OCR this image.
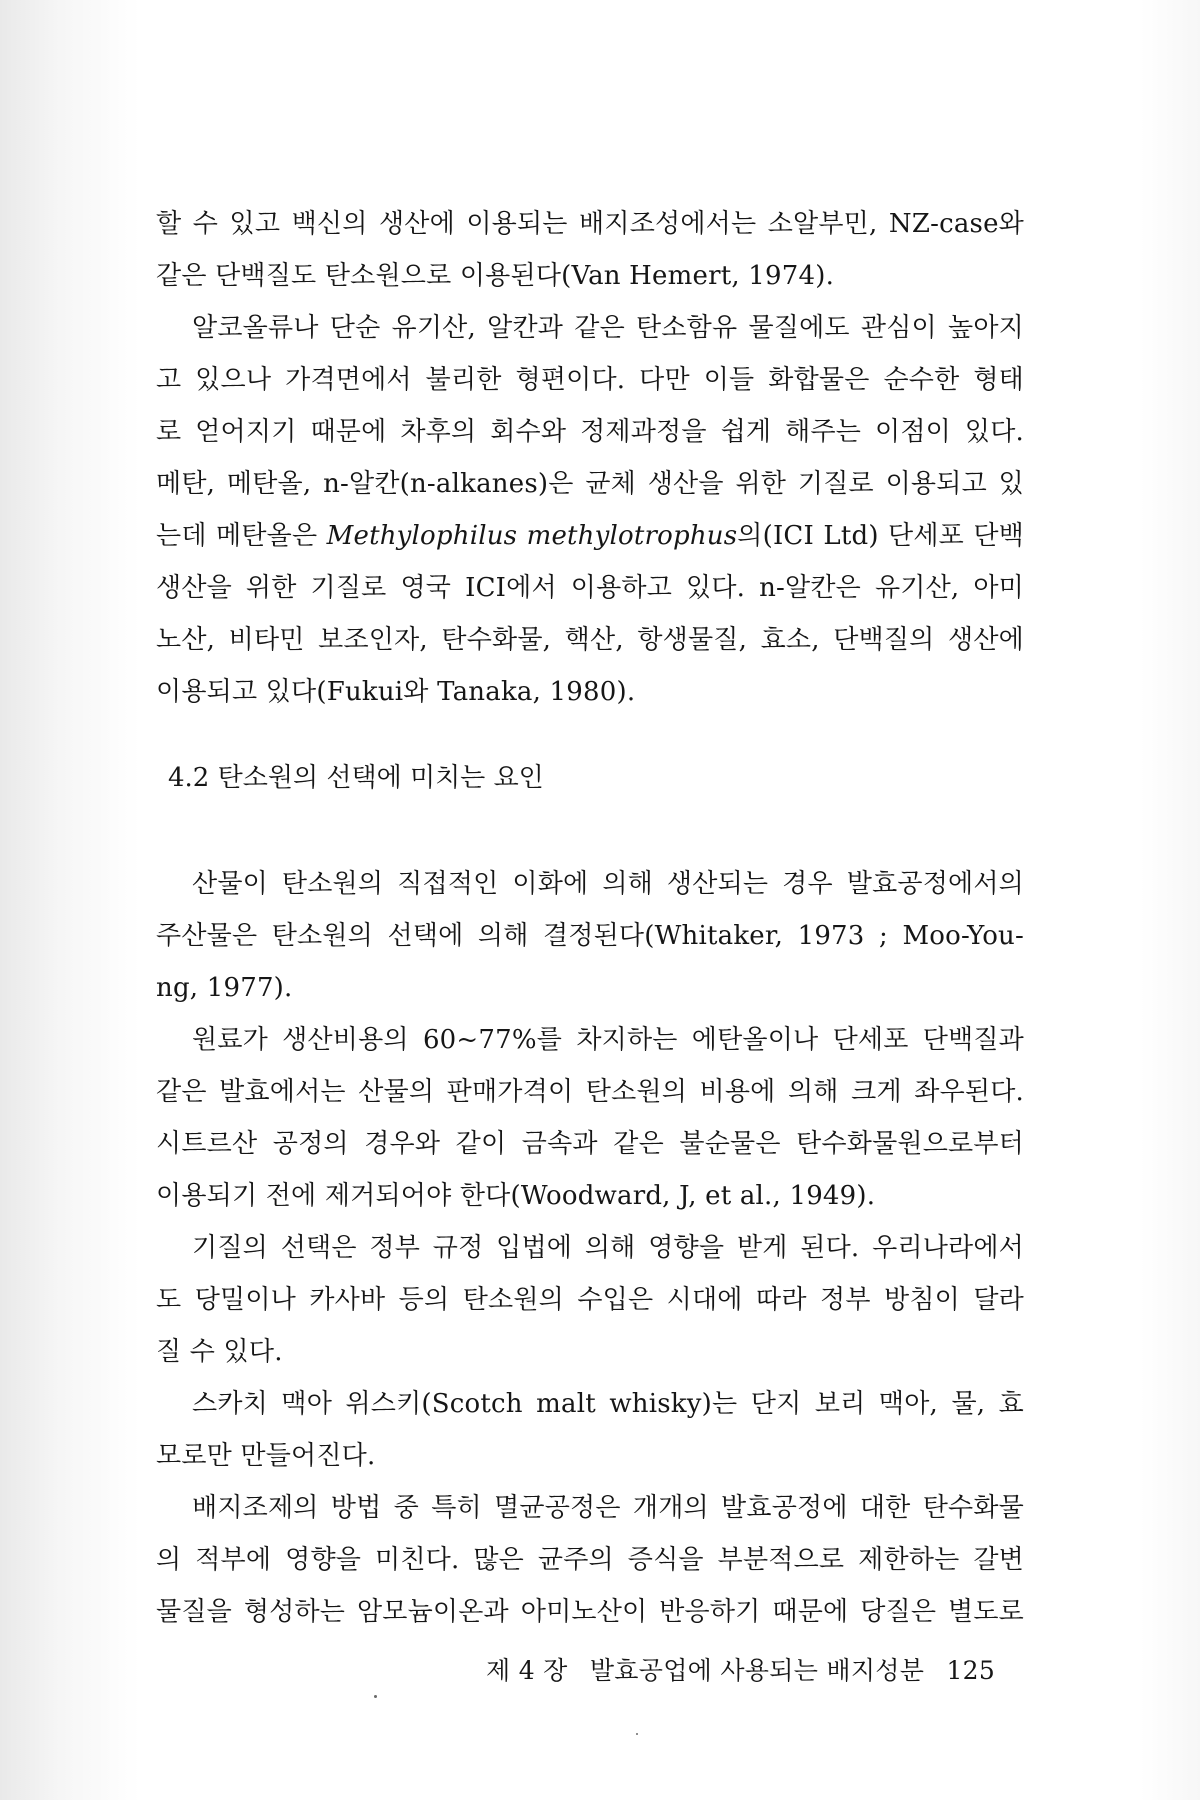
할 수 있고 백신의 생산에 이용되는 배지조성에서는 소알부민, NZ-case와
같은 단백질도 탄소원으로 이용된다(Van Hemert, 1974).
알코올류나 단순 유기산, 알칸과 같은 탄소함유 물질에도 관심이 높아지
고 있으나 가격면에서 불리한 형편이다. 다만 이들 화합물은 순수한 형태
로 얻어지기 때문에 차후의 회수와 정제과정을 쉽게 해주는 이점이 있다.
메탄, 메탄올, n-알칸(n-alkanes)은 균체 생산을 위한 기질로 이용되고 있
는데 메탄올은 Methylophilus methylotrophus의(ICI Ltd) 단세포 단백
생산을 위한 기질로 영국 ICI에서 이용하고 있다. n-알칸은 유기산, 아미
노산, 비타민 보조인자, 탄수화물, 핵산, 항생물질, 효소, 단백질의 생산에
이용되고 있다(Fukui와 Tanaka, 1980).
4.2 탄소원의 선택에 미치는 요인
산물이 탄소원의 직접적인 이화에 의해 생산되는 경우 발효공정에서의
주산물은 탄소원의 선택에 의해 결정된다(Whitaker, 1973 ; Moo-You-
ng, 1977).
원료가 생산비용의 60~77%를 차지하는 에탄올이나 단세포 단백질과
같은 발효에서는 산물의 판매가격이 탄소원의 비용에 의해 크게 좌우된다.
시트르산 공정의 경우와 같이 금속과 같은 불순물은 탄수화물원으로부터
이용되기 전에 제거되어야 한다(Woodward, J, et al., 1949).
기질의 선택은 정부 규정 입법에 의해 영향을 받게 된다. 우리나라에서
도 당밀이나 카사바 등의 탄소원의 수입은 시대에 따라 정부 방침이 달라
질 수 있다.
스카치 맥아 위스키(Scotch malt whisky)는 단지 보리 맥아, 물, 효
모로만 만들어진다.
배지조제의 방법 중 특히 멸균공정은 개개의 발효공정에 대한 탄수화물
의 적부에 영향을 미친다. 많은 균주의 증식을 부분적으로 제한하는 갈변
물질을 형성하는 암모늄이온과 아미노산이 반응하기 때문에 당질은 별도로
제 4 장 발효공업에 사용되는 배지성분 125
